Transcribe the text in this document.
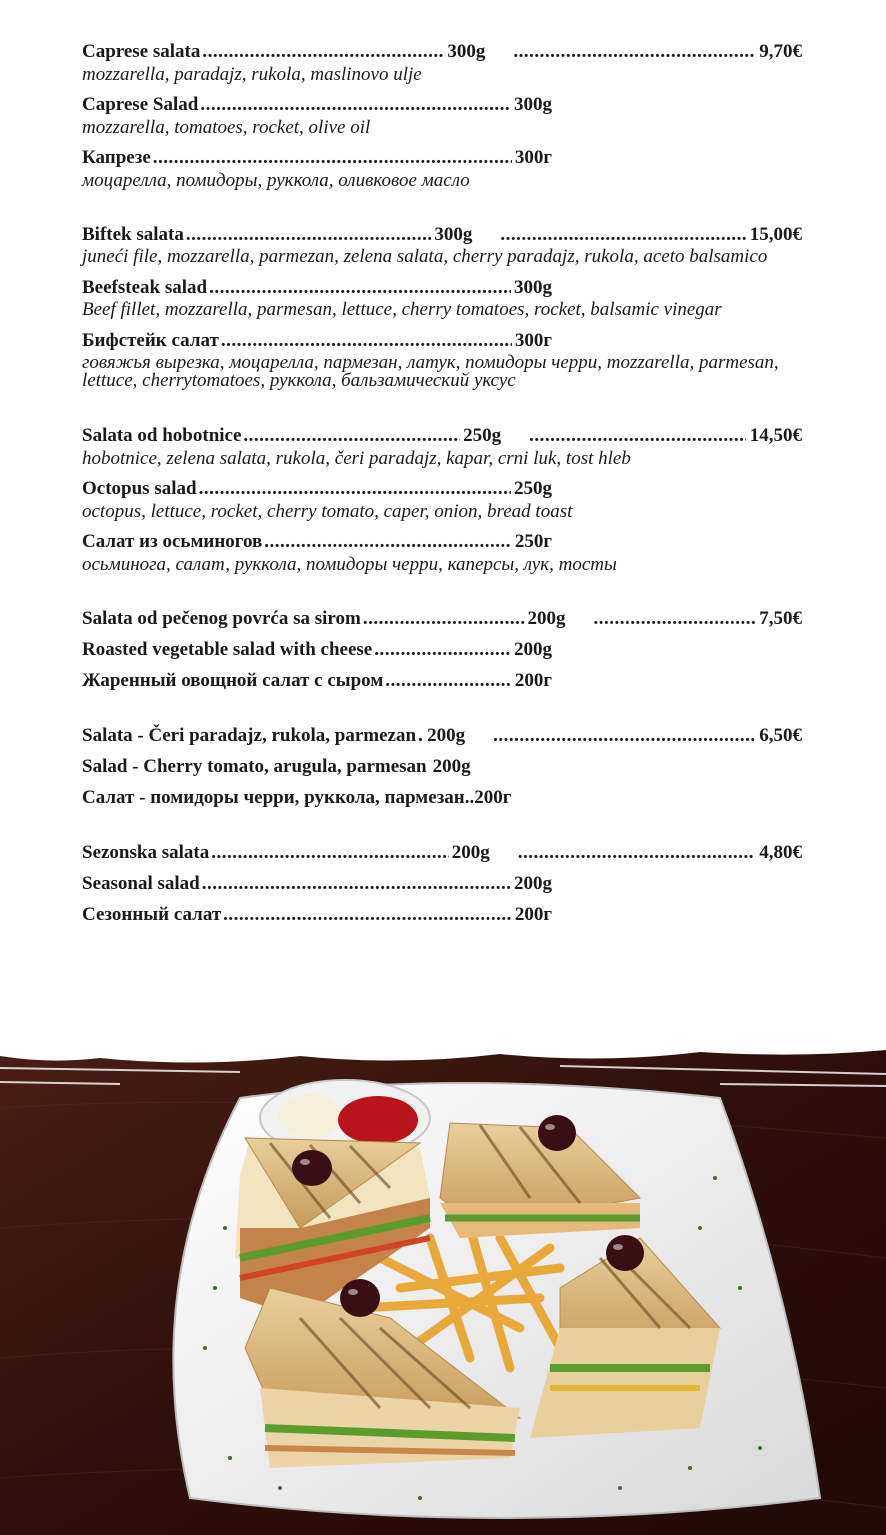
Caprese salata .....	300g .....	9,70€
mozzarella, paradajz, rukola, maslinovo ulje
Caprese Salad .....	300g
mozzarella, tomatoes, rocket, olive oil
Капрезе .....	300г
моцарелла, помидоры, руккола, оливковое масло
Biftek salata .....	300g .....	15,00€
juneći file, mozzarella, parmezan, zelena salata, cherry paradajz, rukola, aceto balsamico
Beefsteak salad .....	300g
Beef fillet, mozzarella, parmesan, lettuce, cherry tomatoes, rocket, balsamic vinegar
Бифстейк салат .....	300г
говяжья вырезка, моцарелла, пармезан, латук, помидоры черри, mozzarella, parmesan, lettuce, cherrytomatoes, руккола, бальзамический уксус
Salata od hobotnice .....	250g .....	14,50€
hobotnice, zelena salata, rukola, čeri paradajz, kapar, crni luk, tost hleb
Octopus salad .....	250g
octopus, lettuce, rocket, cherry tomato, caper, onion, bread toast
Салат из осьминогов .....	250г
осьминога, салат, руккола, помидоры черри, каперсы, лук, тосты
Salata od pečenog povrća sa sirom .....	200g .....	7,50€
Roasted vegetable salad with cheese .....	200g
Жаренный овощной салат с сыром .....	200г
Salata - Čeri paradajz, rukola, parmezan ..... 200g .....	6,50€
Salad - Cherry tomato, arugula, parmesan 200g
Салат - помидоры черри, руккола, пармезан.. 200г
Sezonska salata .....	200g .....	4,80€
Seasonal salad .....	200g
Сезонный салат .....	200г
